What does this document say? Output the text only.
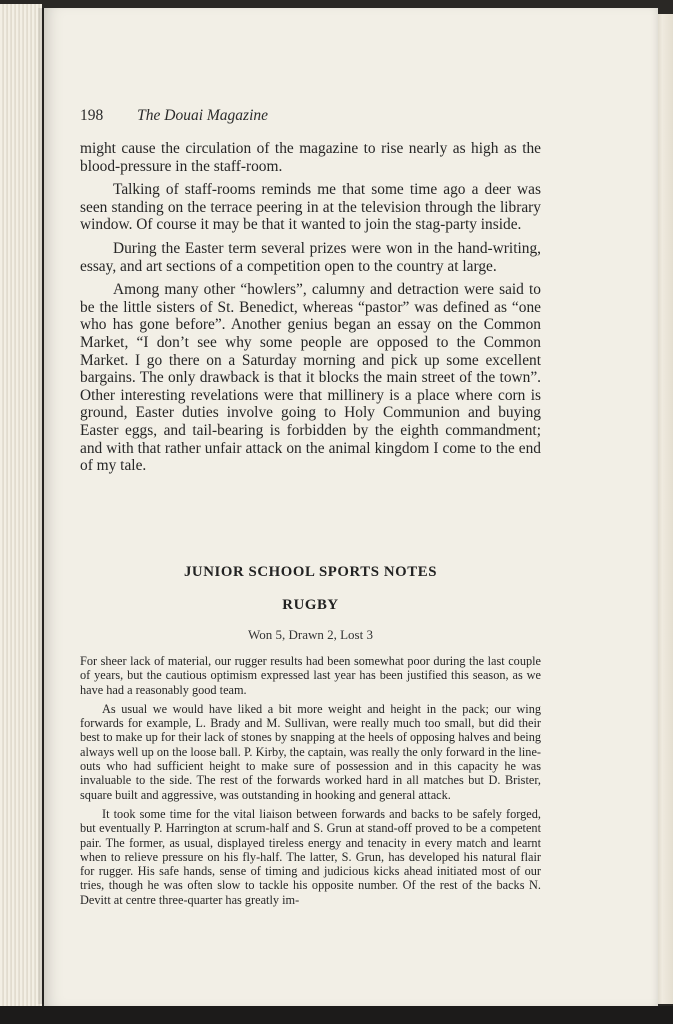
198 The Douai Magazine

might cause the circulation of the magazine to rise nearly as high as the blood-pressure in the staff-room.

Talking of staff-rooms reminds me that some time ago a deer was seen standing on the terrace peering in at the television through the library window. Of course it may be that it wanted to join the stag-party inside.

During the Easter term several prizes were won in the hand-writing, essay, and art sections of a competition open to the country at large.

Among many other “howlers”, calumny and detraction were said to be the little sisters of St. Benedict, whereas “pastor” was defined as “one who has gone before”. Another genius began an essay on the Common Market, “I don’t see why some people are opposed to the Common Market. I go there on a Saturday morning and pick up some excellent bargains. The only drawback is that it blocks the main street of the town”. Other interesting revelations were that millinery is a place where corn is ground, Easter duties involve going to Holy Communion and buying Easter eggs, and tail-bearing is forbidden by the eighth commandment; and with that rather unfair attack on the animal kingdom I come to the end of my tale.

JUNIOR SCHOOL SPORTS NOTES
RUGBY
Won 5, Drawn 2, Lost 3

For sheer lack of material, our rugger results had been somewhat poor during the last couple of years, but the cautious optimism expressed last year has been justified this season, as we have had a reasonably good team.

As usual we would have liked a bit more weight and height in the pack; our wing forwards for example, L. Brady and M. Sullivan, were really much too small, but did their best to make up for their lack of stones by snapping at the heels of opposing halves and being always well up on the loose ball. P. Kirby, the captain, was really the only forward in the line-outs who had sufficient height to make sure of possession and in this capacity he was invaluable to the side. The rest of the forwards worked hard in all matches but D. Brister, square built and aggressive, was outstanding in hooking and general attack.

It took some time for the vital liaison between forwards and backs to be safely forged, but eventually P. Harrington at scrum-half and S. Grun at stand-off proved to be a competent pair. The former, as usual, displayed tireless energy and tenacity in every match and learnt when to relieve pressure on his fly-half. The latter, S. Grun, has developed his natural flair for rugger. His safe hands, sense of timing and judicious kicks ahead initiated most of our tries, though he was often slow to tackle his opposite number. Of the rest of the backs N. Devitt at centre three-quarter has greatly im-
